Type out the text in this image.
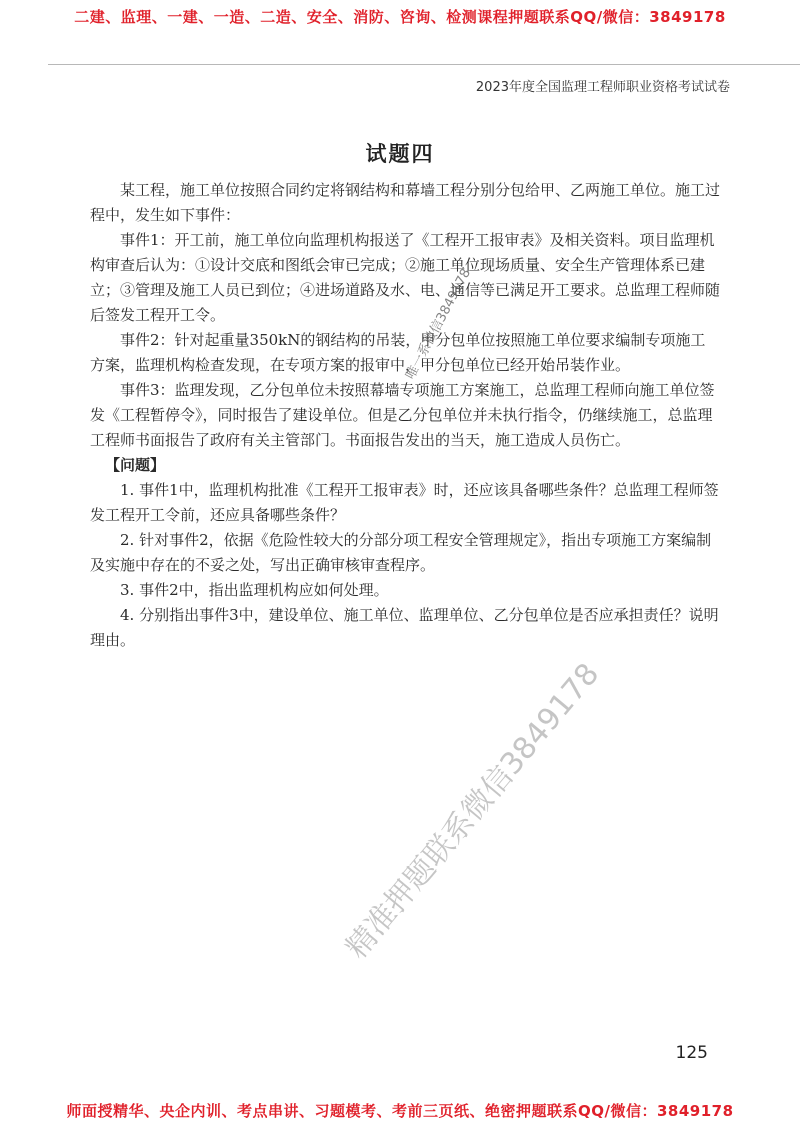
二建、监理、一建、一造、二造、安全、消防、咨询、检测课程押题联系QQ/微信：3849178
2023年度全国监理工程师职业资格考试试卷
试题四

某工程，施工单位按照合同约定将钢结构和幕墙工程分别分包给甲、乙两施工单位。施工过程中，发生如下事件：

事件1：开工前，施工单位向监理机构报送了《工程开工报审表》及相关资料。项目监理机构审查后认为：①设计交底和图纸会审已完成；②施工单位现场质量、安全生产管理体系已建立；③管理及施工人员已到位；④进场道路及水、电、通信等已满足开工要求。总监理工程师随后签发工程开工令。

事件2：针对起重量350kN的钢结构的吊装，甲分包单位按照施工单位要求编制专项施工方案，监理机构检查发现，在专项方案的报审中，甲分包单位已经开始吊装作业。

事件3：监理发现，乙分包单位未按照幕墙专项施工方案施工，总监理工程师向施工单位签发《工程暂停令》，同时报告了建设单位。但是乙分包单位并未执行指令，仍继续施工，总监理工程师书面报告了政府有关主管部门。书面报告发出的当天，施工造成人员伤亡。

【问题】

1. 事件1中，监理机构批准《工程开工报审表》时，还应该具备哪些条件？总监理工程师签发工程开工令前，还应具备哪些条件？

2. 针对事件2，依据《危险性较大的分部分项工程安全管理规定》，指出专项施工方案编制及实施中存在的不妥之处，写出正确审核审查程序。

3. 事件2中，指出监理机构应如何处理。

4. 分别指出事件3中，建设单位、施工单位、监理单位、乙分包单位是否应承担责任？说明理由。

唯一系微信3849178
精准押题联系微信3849178
125
师面授精华、央企内训、考点串讲、习题模考、考前三页纸、绝密押题联系QQ/微信：3849178
